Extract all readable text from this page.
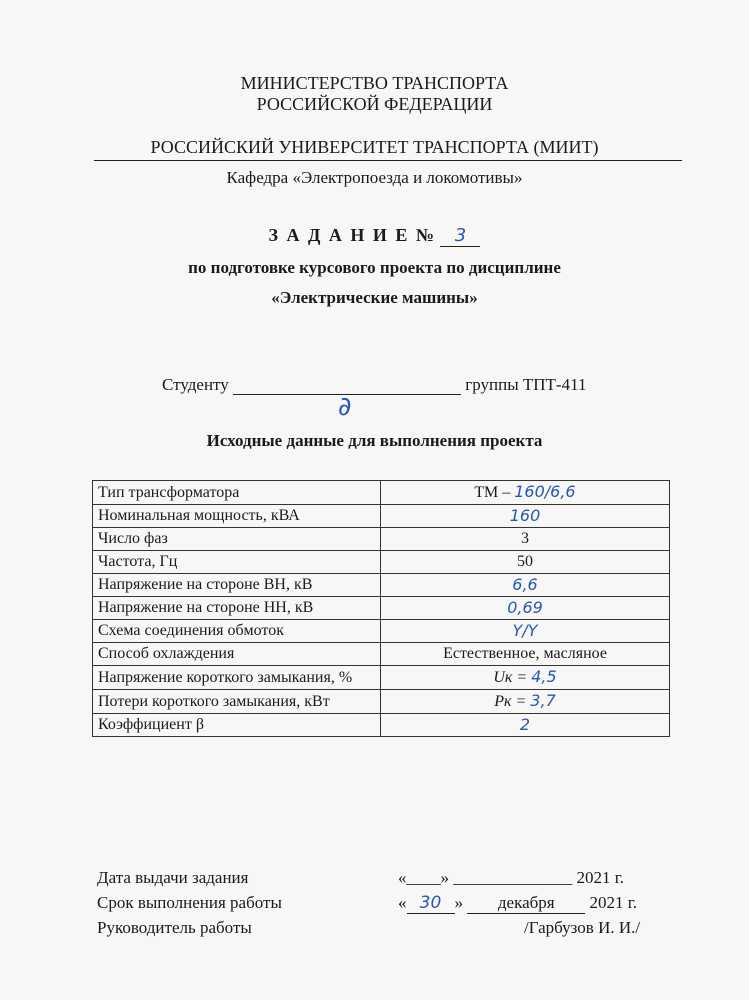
МИНИСТЕРСТВО ТРАНСПОРТА
РОССИЙСКОЙ ФЕДЕРАЦИИ
РОССИЙСКИЙ УНИВЕРСИТЕТ ТРАНСПОРТА (МИИТ)
Кафедра «Электропоезда и локомотивы»
З А Д А Н И Е № 3
по подготовке курсового проекта по дисциплине
«Электрические машины»
Студенту	группы ТПТ-411
∂
Исходные данные для выполнения проекта
Тип трансформатора	ТМ – 160/6,6
Номинальная мощность, кВА	160
Число фаз	3
Частота, Гц	50
Напряжение на стороне ВН, кВ	6,6
Напряжение на стороне НН, кВ	0,69
Схема соединения обмоток	Y/Y
Способ охлаждения	Естественное, масляное
Напряжение короткого замыкания, %	Uк = 4,5
Потери короткого замыкания, кВт	Pк = 3,7
Коэффициент β	2
Дата выдачи задания	«____» ______________ 2021 г.
Срок выполнения работы	« 30 » декабря 2021 г.
Руководитель работы	/Гарбузов И. И./
